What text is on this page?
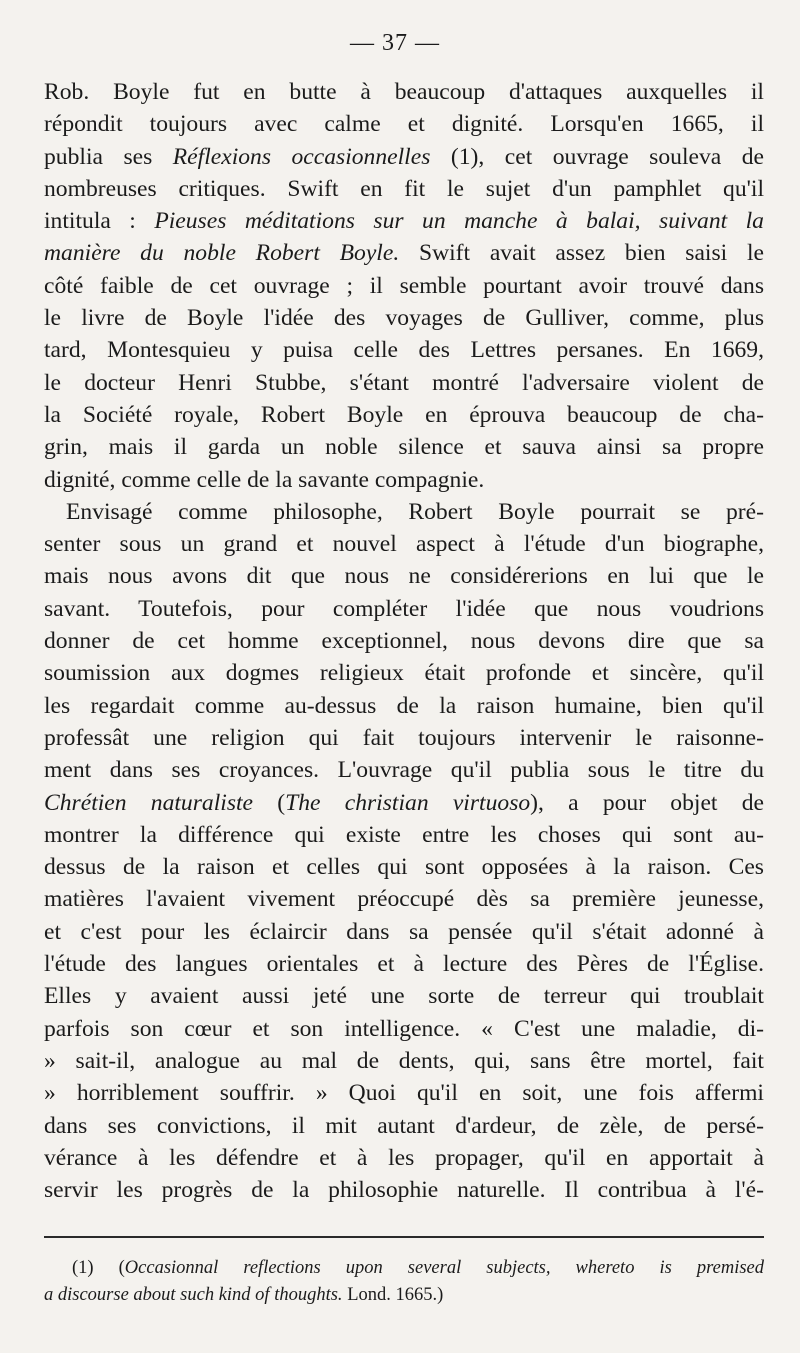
— 37 —
Rob. Boyle fut en butte à beaucoup d'attaques auxquelles il
répondit toujours avec calme et dignité. Lorsqu'en 1665, il
publia ses Réflexions occasionnelles (1), cet ouvrage souleva de
nombreuses critiques. Swift en fit le sujet d'un pamphlet qu'il
intitula : Pieuses méditations sur un manche à balai, suivant la
manière du noble Robert Boyle. Swift avait assez bien saisi le
côté faible de cet ouvrage ; il semble pourtant avoir trouvé dans
le livre de Boyle l'idée des voyages de Gulliver, comme, plus
tard, Montesquieu y puisa celle des Lettres persanes. En 1669,
le docteur Henri Stubbe, s'étant montré l'adversaire violent de
la Société royale, Robert Boyle en éprouva beaucoup de cha-
grin, mais il garda un noble silence et sauva ainsi sa propre
dignité, comme celle de la savante compagnie.
Envisagé comme philosophe, Robert Boyle pourrait se pré-
senter sous un grand et nouvel aspect à l'étude d'un biographe,
mais nous avons dit que nous ne considérerions en lui que le
savant. Toutefois, pour compléter l'idée que nous voudrions
donner de cet homme exceptionnel, nous devons dire que sa
soumission aux dogmes religieux était profonde et sincère, qu'il
les regardait comme au-dessus de la raison humaine, bien qu'il
professât une religion qui fait toujours intervenir le raisonne-
ment dans ses croyances. L'ouvrage qu'il publia sous le titre du
Chrétien naturaliste (The christian virtuoso), a pour objet de
montrer la différence qui existe entre les choses qui sont au-
dessus de la raison et celles qui sont opposées à la raison. Ces
matières l'avaient vivement préoccupé dès sa première jeunesse,
et c'est pour les éclaircir dans sa pensée qu'il s'était adonné à
l'étude des langues orientales et à lecture des Pères de l'Église.
Elles y avaient aussi jeté une sorte de terreur qui troublait
parfois son cœur et son intelligence. « C'est une maladie, di-
» sait-il, analogue au mal de dents, qui, sans être mortel, fait
» horriblement souffrir. » Quoi qu'il en soit, une fois affermi
dans ses convictions, il mit autant d'ardeur, de zèle, de persé-
vérance à les défendre et à les propager, qu'il en apportait à
servir les progrès de la philosophie naturelle. Il contribua à l'é-
(1) (Occasionnal reflections upon several subjects, whereto is premised
a discourse about such kind of thoughts. Lond. 1665.)
